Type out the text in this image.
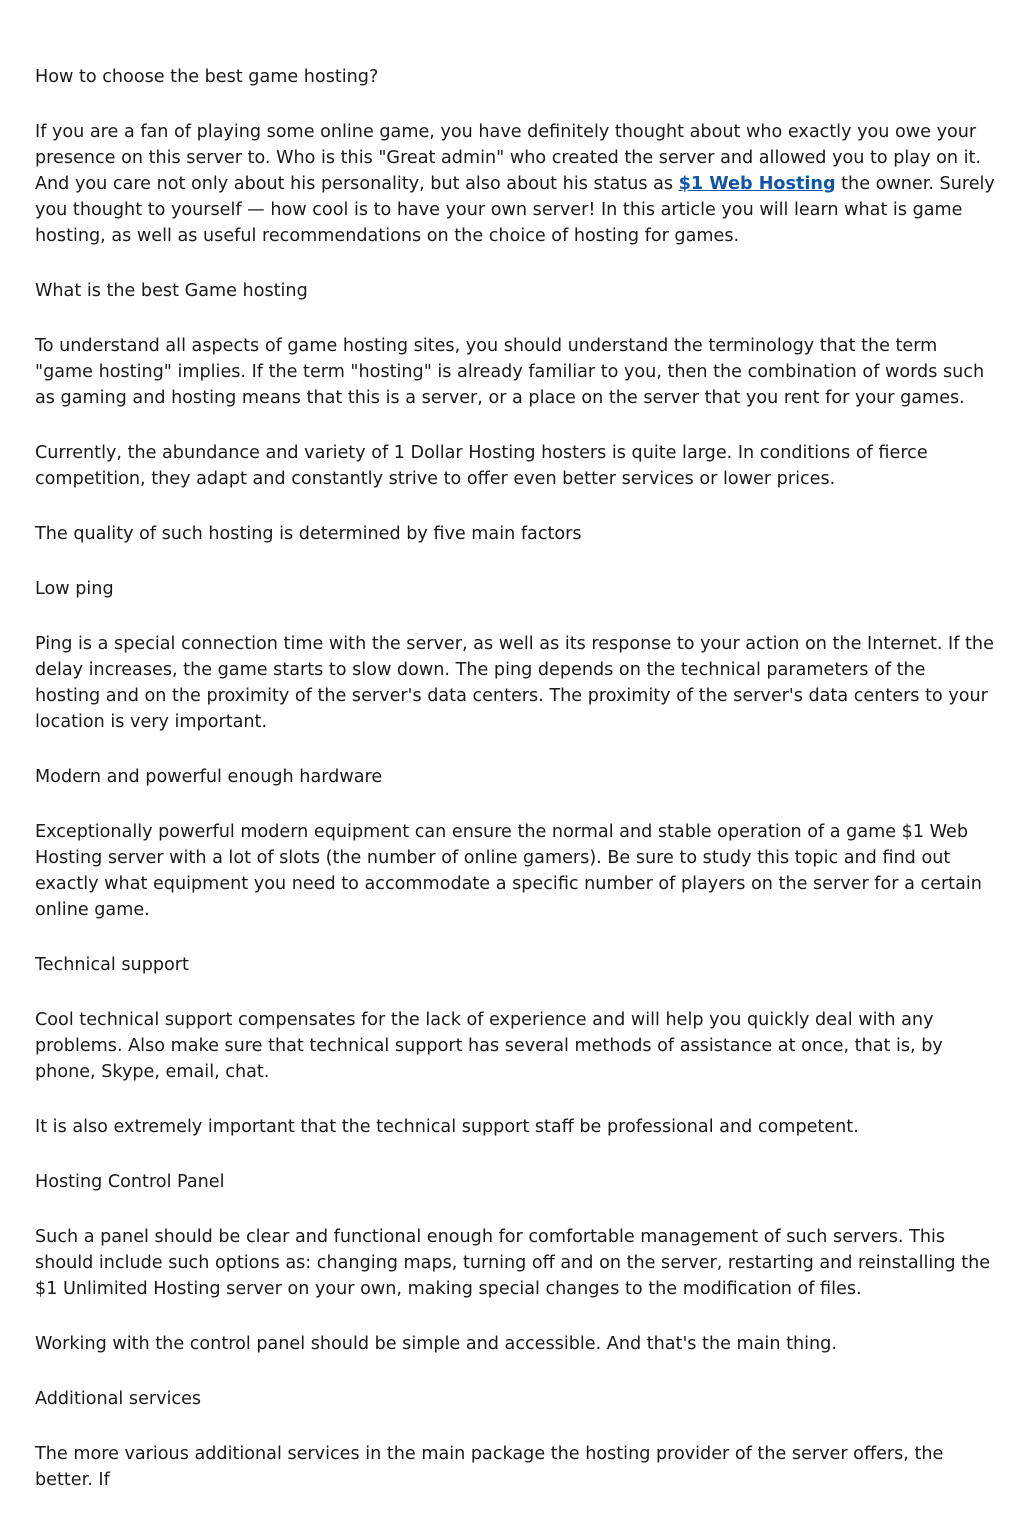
How to choose the best game hosting?

If you are a fan of playing some online game, you have definitely thought about who exactly you owe your presence on this server to. Who is this "Great admin" who created the server and allowed you to play on it. And you care not only about his personality, but also about his status as $1 Web Hosting the owner. Surely you thought to yourself — how cool is to have your own server! In this article you will learn what is game hosting, as well as useful recommendations on the choice of hosting for games.

What is the best Game hosting

To understand all aspects of game hosting sites, you should understand the terminology that the term "game hosting" implies. If the term "hosting" is already familiar to you, then the combination of words such as gaming and hosting means that this is a server, or a place on the server that you rent for your games.

Currently, the abundance and variety of 1 Dollar Hosting hosters is quite large. In conditions of fierce competition, they adapt and constantly strive to offer even better services or lower prices.

The quality of such hosting is determined by five main factors

Low ping

Ping is a special connection time with the server, as well as its response to your action on the Internet. If the delay increases, the game starts to slow down. The ping depends on the technical parameters of the hosting and on the proximity of the server's data centers. The proximity of the server's data centers to your location is very important.

Modern and powerful enough hardware

Exceptionally powerful modern equipment can ensure the normal and stable operation of a game $1 Web Hosting server with a lot of slots (the number of online gamers). Be sure to study this topic and find out exactly what equipment you need to accommodate a specific number of players on the server for a certain online game.

Technical support

Cool technical support compensates for the lack of experience and will help you quickly deal with any problems. Also make sure that technical support has several methods of assistance at once, that is, by phone, Skype, email, chat.

It is also extremely important that the technical support staff be professional and competent.

Hosting Control Panel

Such a panel should be clear and functional enough for comfortable management of such servers. This should include such options as: changing maps, turning off and on the server, restarting and reinstalling the $1 Unlimited Hosting server on your own, making special changes to the modification of files.

Working with the control panel should be simple and accessible. And that's the main thing.

Additional services

The more various additional services in the main package the hosting provider of the server offers, the better. If
